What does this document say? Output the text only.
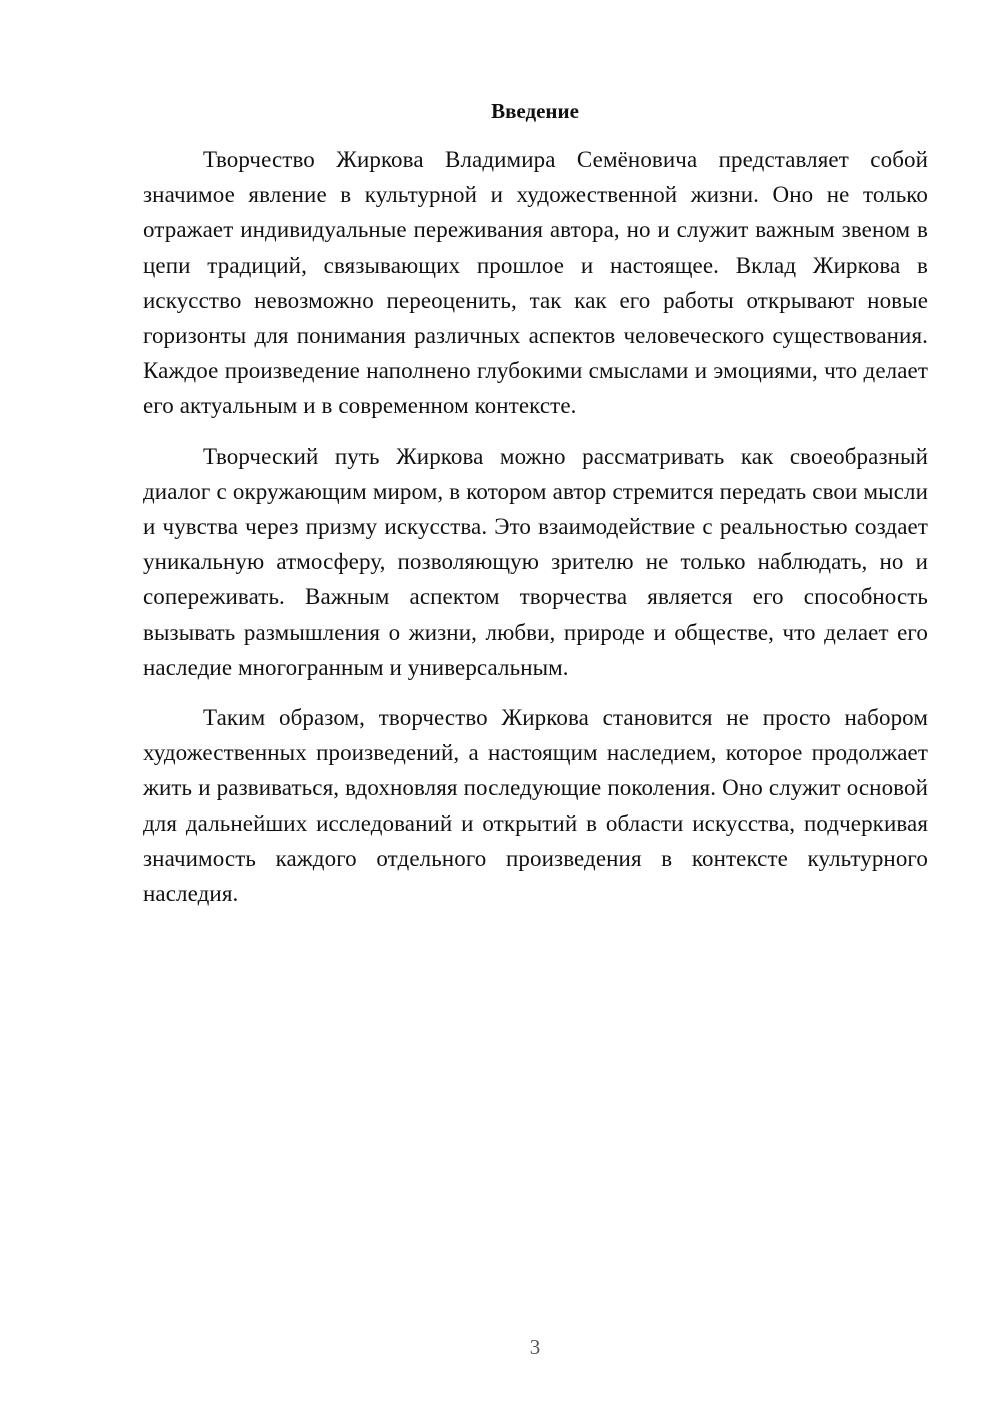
Введение

Творчество Жиркова Владимира Семёновича представляет собой значимое явление в культурной и художественной жизни. Оно не только отражает индивидуальные переживания автора, но и служит важным звеном в цепи традиций, связывающих прошлое и настоящее. Вклад Жиркова в искусство невозможно переоценить, так как его работы открывают новые горизонты для понимания различных аспектов человеческого существования. Каждое произведение наполнено глубокими смыслами и эмоциями, что делает его актуальным и в современном контексте.

Творческий путь Жиркова можно рассматривать как своеобразный диалог с окружающим миром, в котором автор стремится передать свои мысли и чувства через призму искусства. Это взаимодействие с реальностью создает уникальную атмосферу, позволяющую зрителю не только наблюдать, но и сопереживать. Важным аспектом творчества является его способность вызывать размышления о жизни, любви, природе и обществе, что делает его наследие многогранным и универсальным.

Таким образом, творчество Жиркова становится не просто набором художественных произведений, а настоящим наследием, которое продолжает жить и развиваться, вдохновляя последующие поколения. Оно служит основой для дальнейших исследований и открытий в области искусства, подчеркивая значимость каждого отдельного произведения в контексте культурного наследия.

3
